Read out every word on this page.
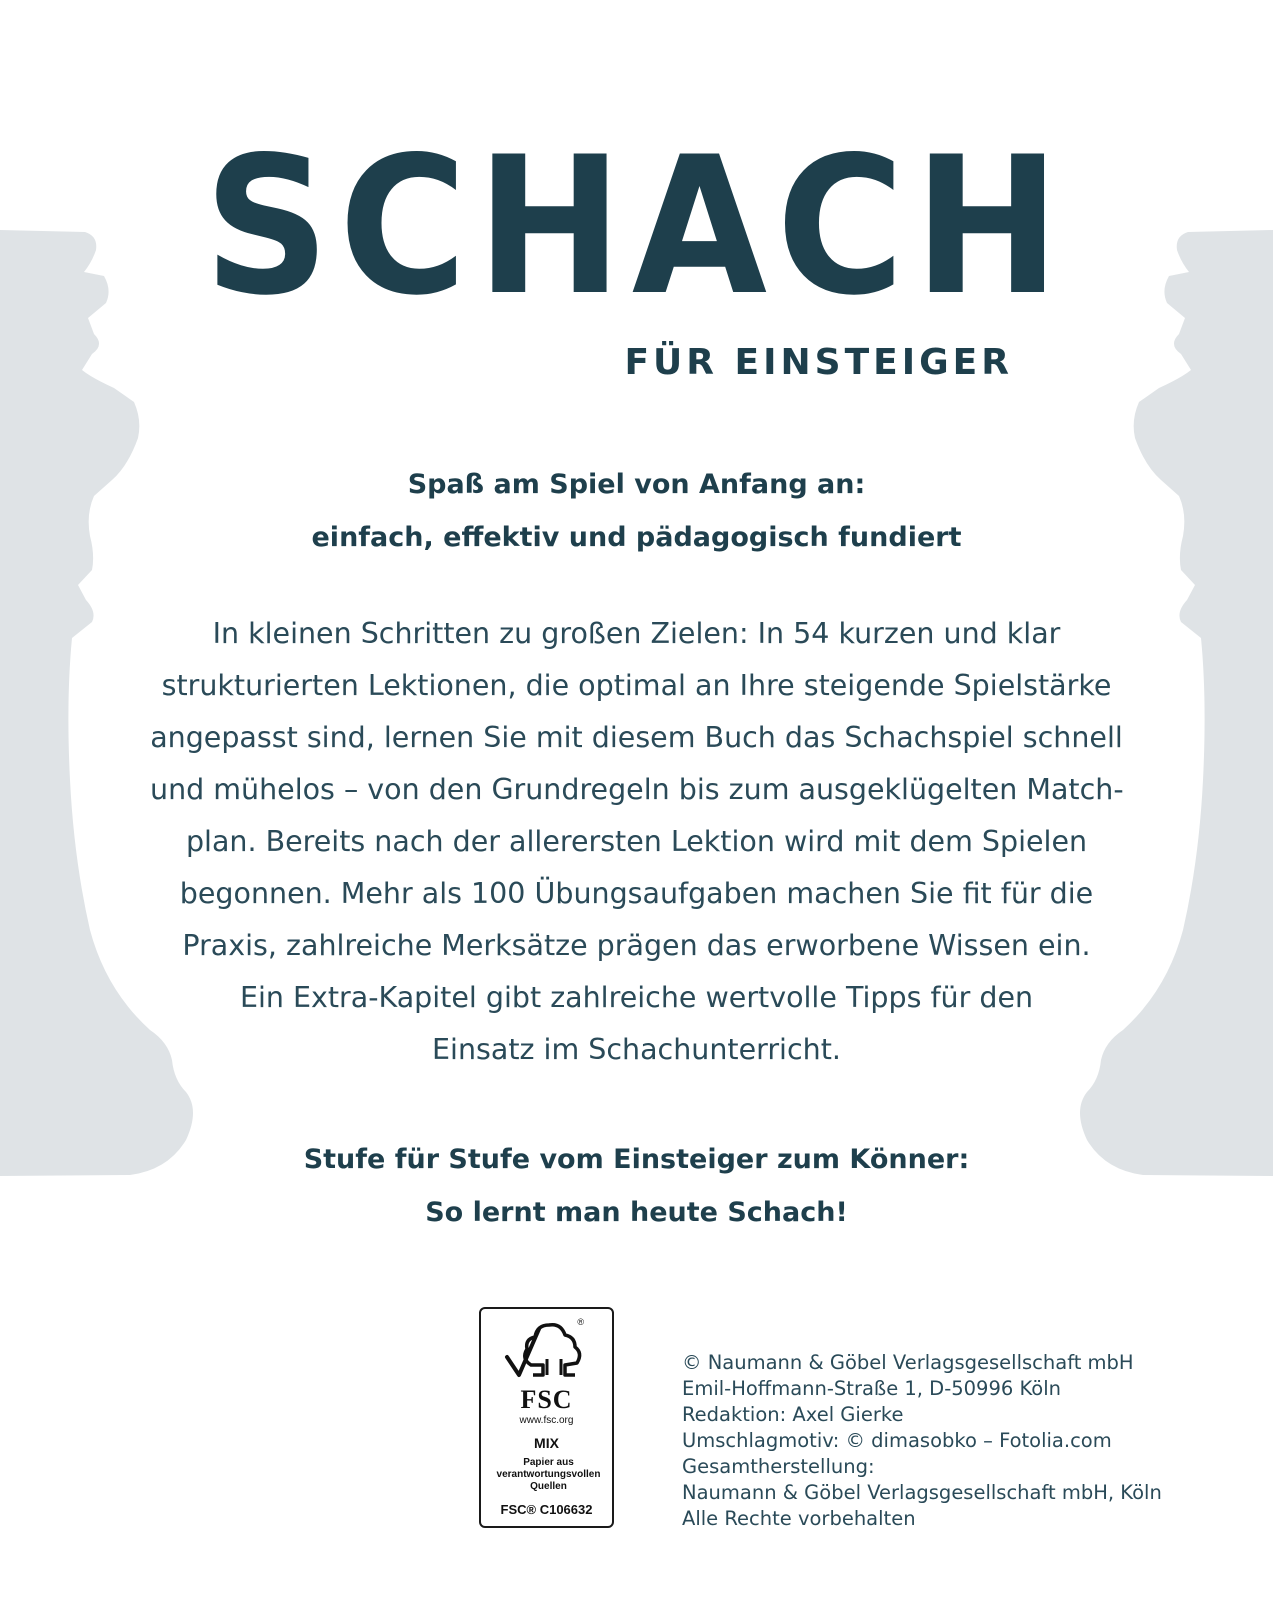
SCHACH
FÜR EINSTEIGER
Spaß am Spiel von Anfang an:
einfach, effektiv und pädagogisch fundiert
In kleinen Schritten zu großen Zielen: In 54 kurzen und klar
strukturierten Lektionen, die optimal an Ihre steigende Spielstärke
angepasst sind, lernen Sie mit diesem Buch das Schachspiel schnell
und mühelos – von den Grundregeln bis zum ausgeklügelten Match-
plan. Bereits nach der allerersten Lektion wird mit dem Spielen
begonnen. Mehr als 100 Übungsaufgaben machen Sie fit für die
Praxis, zahlreiche Merksätze prägen das erworbene Wissen ein.
Ein Extra-Kapitel gibt zahlreiche wertvolle Tipps für den
Einsatz im Schachunterricht.
Stufe für Stufe vom Einsteiger zum Könner:
So lernt man heute Schach!
®
FSC
www.fsc.org
MIX
Papier aus verantwortungsvollen Quellen
FSC® C106632
© Naumann & Göbel Verlagsgesellschaft mbH
Emil-Hoffmann-Straße 1, D-50996 Köln
Redaktion: Axel Gierke
Umschlagmotiv: © dimasobko – Fotolia.com
Gesamtherstellung:
Naumann & Göbel Verlagsgesellschaft mbH, Köln
Alle Rechte vorbehalten
